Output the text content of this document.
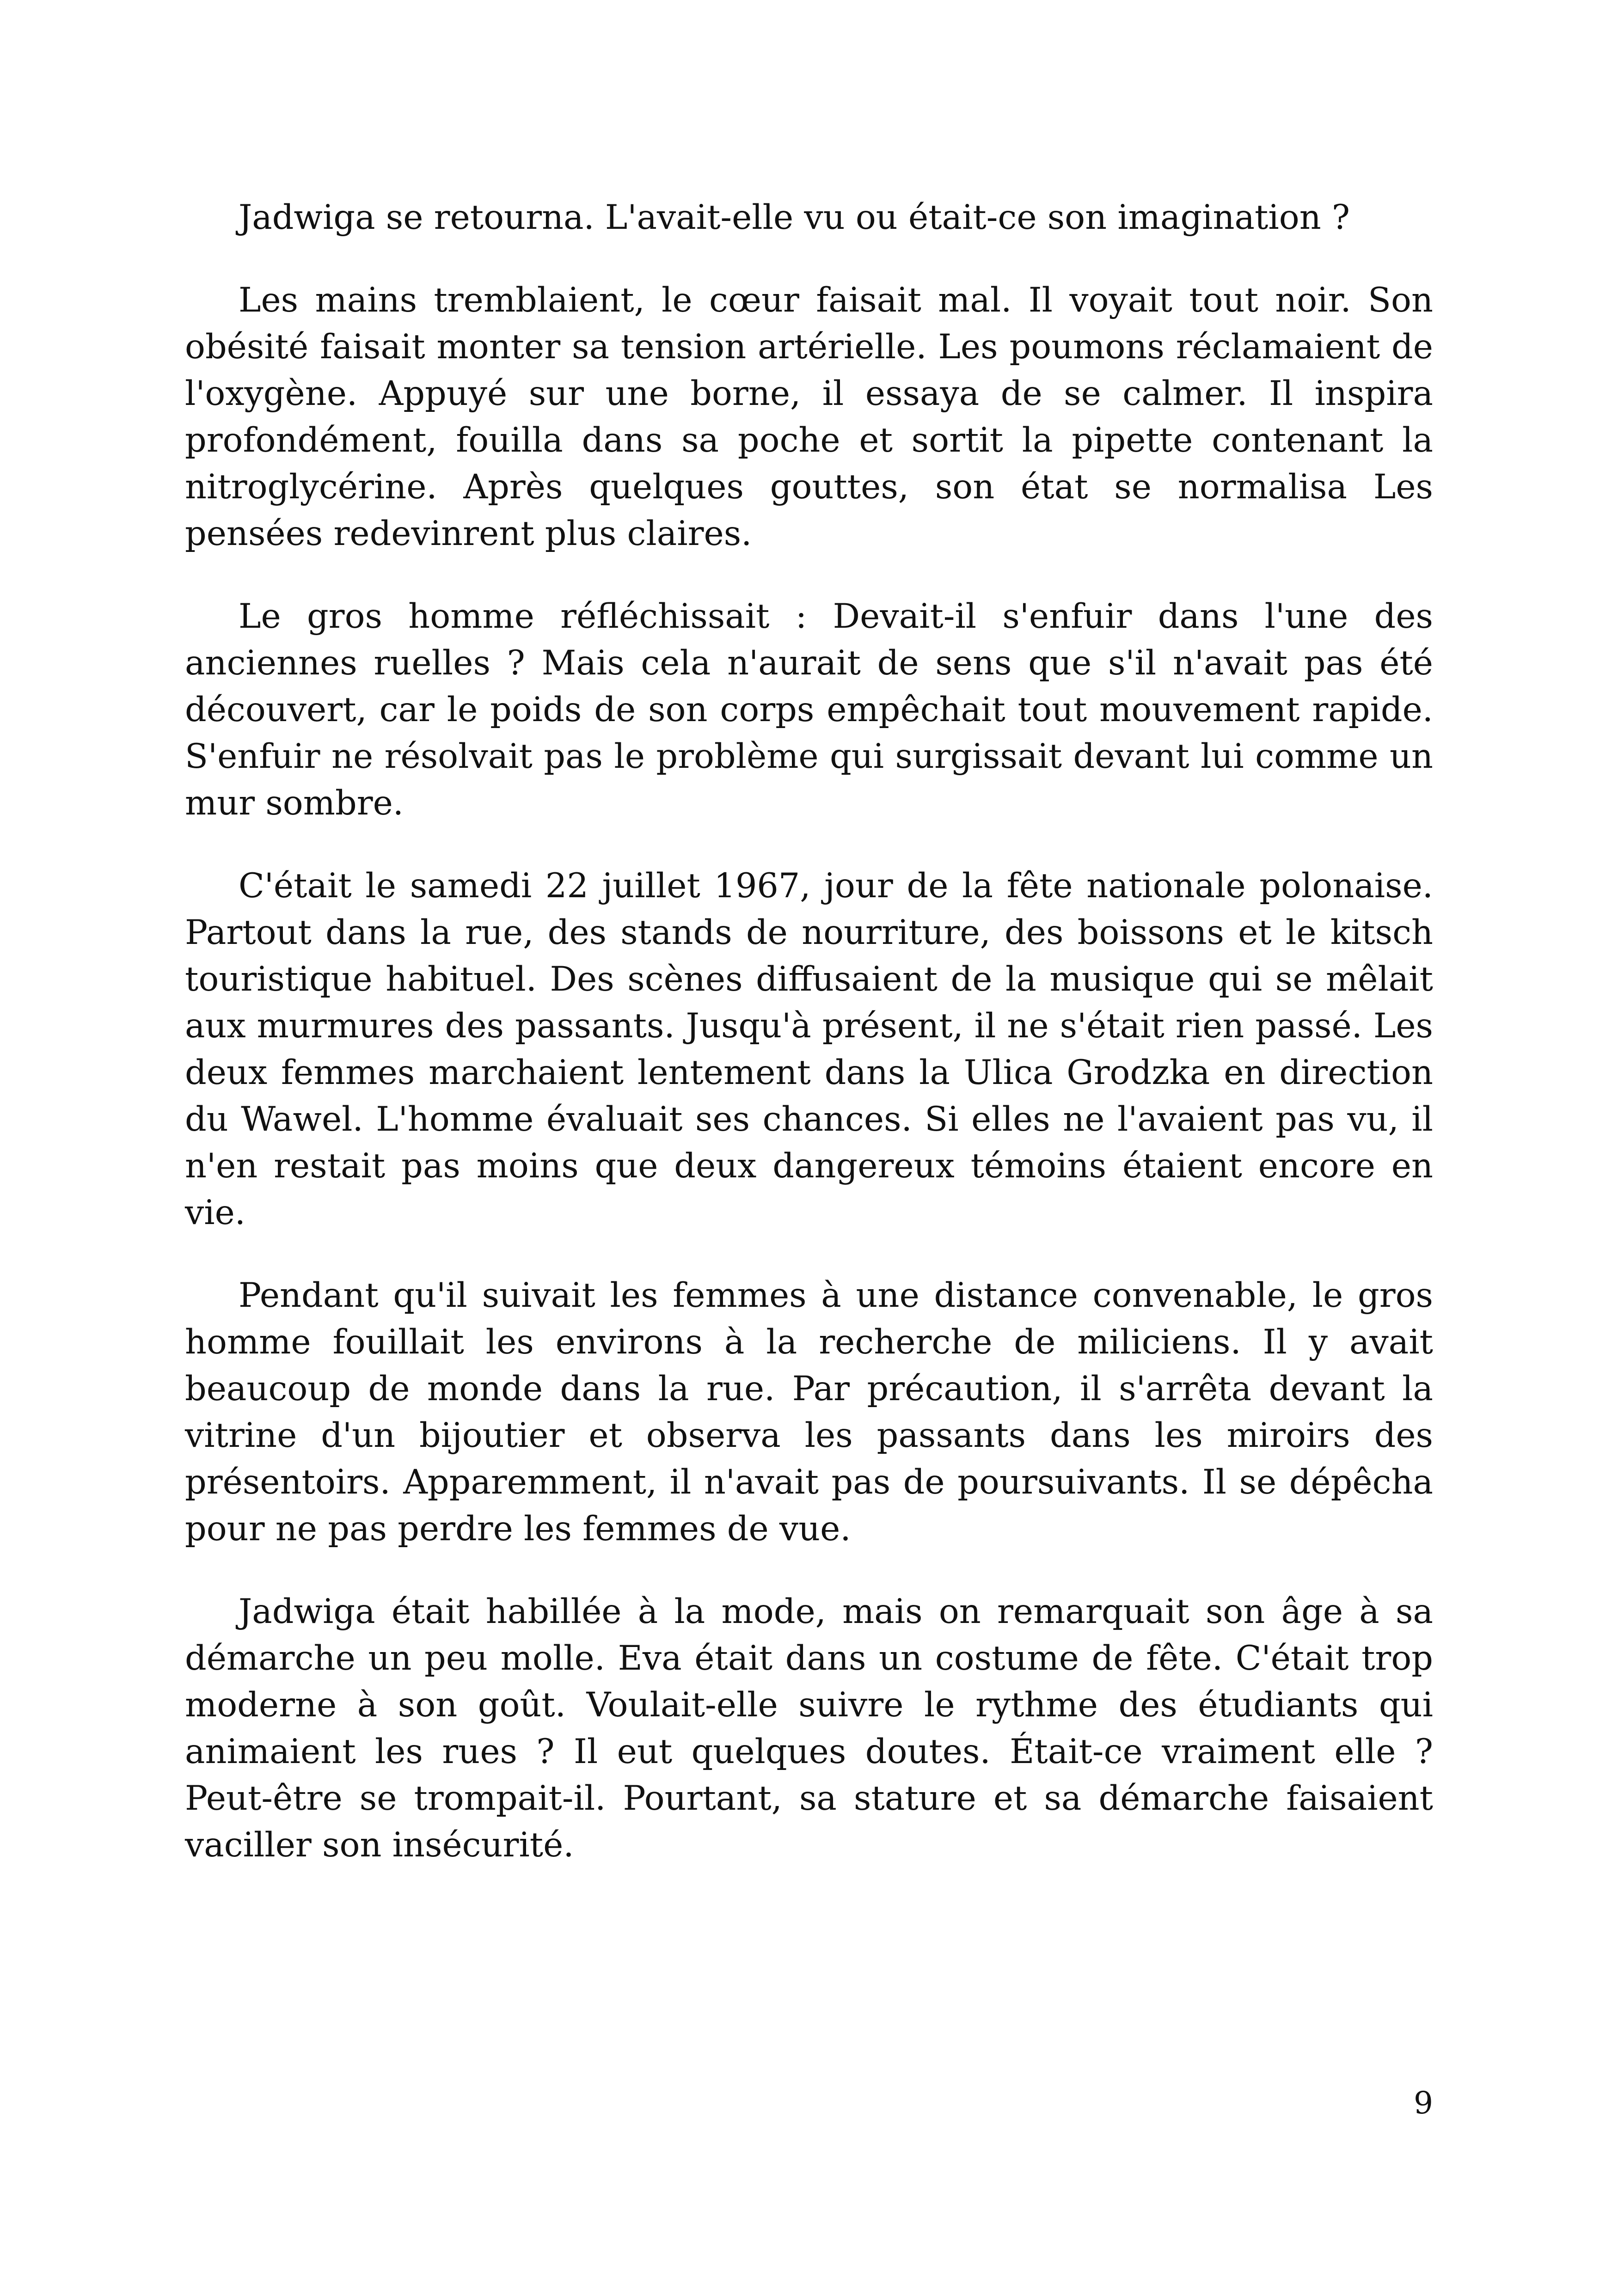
Jadwiga se retourna. L'avait-elle vu ou était-ce son imagination ?

Les mains tremblaient, le cœur faisait mal. Il voyait tout noir. Son obésité faisait monter sa tension artérielle. Les poumons réclamaient de l'oxygène. Appuyé sur une borne, il essaya de se calmer. Il inspira profondément, fouilla dans sa poche et sortit la pipette contenant la nitroglycérine. Après quelques gouttes, son état se normalisa Les pensées redevinrent plus claires.

Le gros homme réfléchissait : Devait-il s'enfuir dans l'une des anciennes ruelles ? Mais cela n'aurait de sens que s'il n'avait pas été découvert, car le poids de son corps empêchait tout mouvement rapide. S'enfuir ne résolvait pas le problème qui surgissait devant lui comme un mur sombre.

C'était le samedi 22 juillet 1967, jour de la fête nationale polonaise. Partout dans la rue, des stands de nourriture, des boissons et le kitsch touristique habituel. Des scènes diffusaient de la musique qui se mêlait aux murmures des passants. Jusqu'à présent, il ne s'était rien passé. Les deux femmes marchaient lentement dans la Ulica Grodzka en direction du Wawel. L'homme évaluait ses chances. Si elles ne l'avaient pas vu, il n'en restait pas moins que deux dangereux témoins étaient encore en vie.

Pendant qu'il suivait les femmes à une distance convenable, le gros homme fouillait les environs à la recherche de miliciens. Il y avait beaucoup de monde dans la rue. Par précaution, il s'arrêta devant la vitrine d'un bijoutier et observa les passants dans les miroirs des présentoirs. Apparemment, il n'avait pas de poursuivants. Il se dépêcha pour ne pas perdre les femmes de vue.

Jadwiga était habillée à la mode, mais on remarquait son âge à sa démarche un peu molle. Eva était dans un costume de fête. C'était trop moderne à son goût. Voulait-elle suivre le rythme des étudiants qui animaient les rues ? Il eut quelques doutes. Était-ce vraiment elle ? Peut-être se trompait-il. Pourtant, sa stature et sa démarche faisaient vaciller son insécurité.

9
